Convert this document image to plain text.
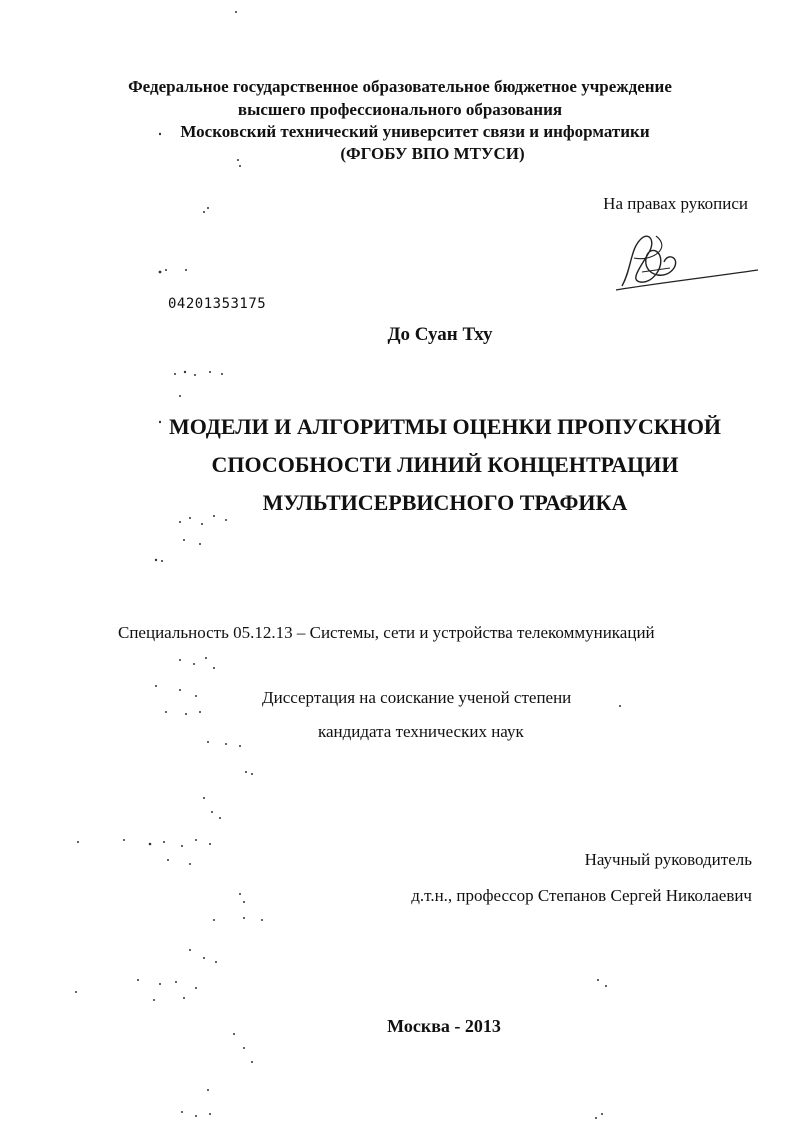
Федеральное государственное образовательное бюджетное учреждение
высшего профессионального образования
Московский технический университет связи и информатики
(ФГОБУ ВПО МТУСИ)
На правах рукописи
04201353175
До Суан Тху
МОДЕЛИ И АЛГОРИТМЫ ОЦЕНКИ ПРОПУСКНОЙ
СПОСОБНОСТИ ЛИНИЙ КОНЦЕНТРАЦИИ
МУЛЬТИСЕРВИСНОГО ТРАФИКА
Специальность 05.12.13 – Системы, сети и устройства телекоммуникаций
Диссертация на соискание ученой степени
кандидата технических наук
Научный руководитель
д.т.н., профессор Степанов Сергей Николаевич
Москва - 2013
